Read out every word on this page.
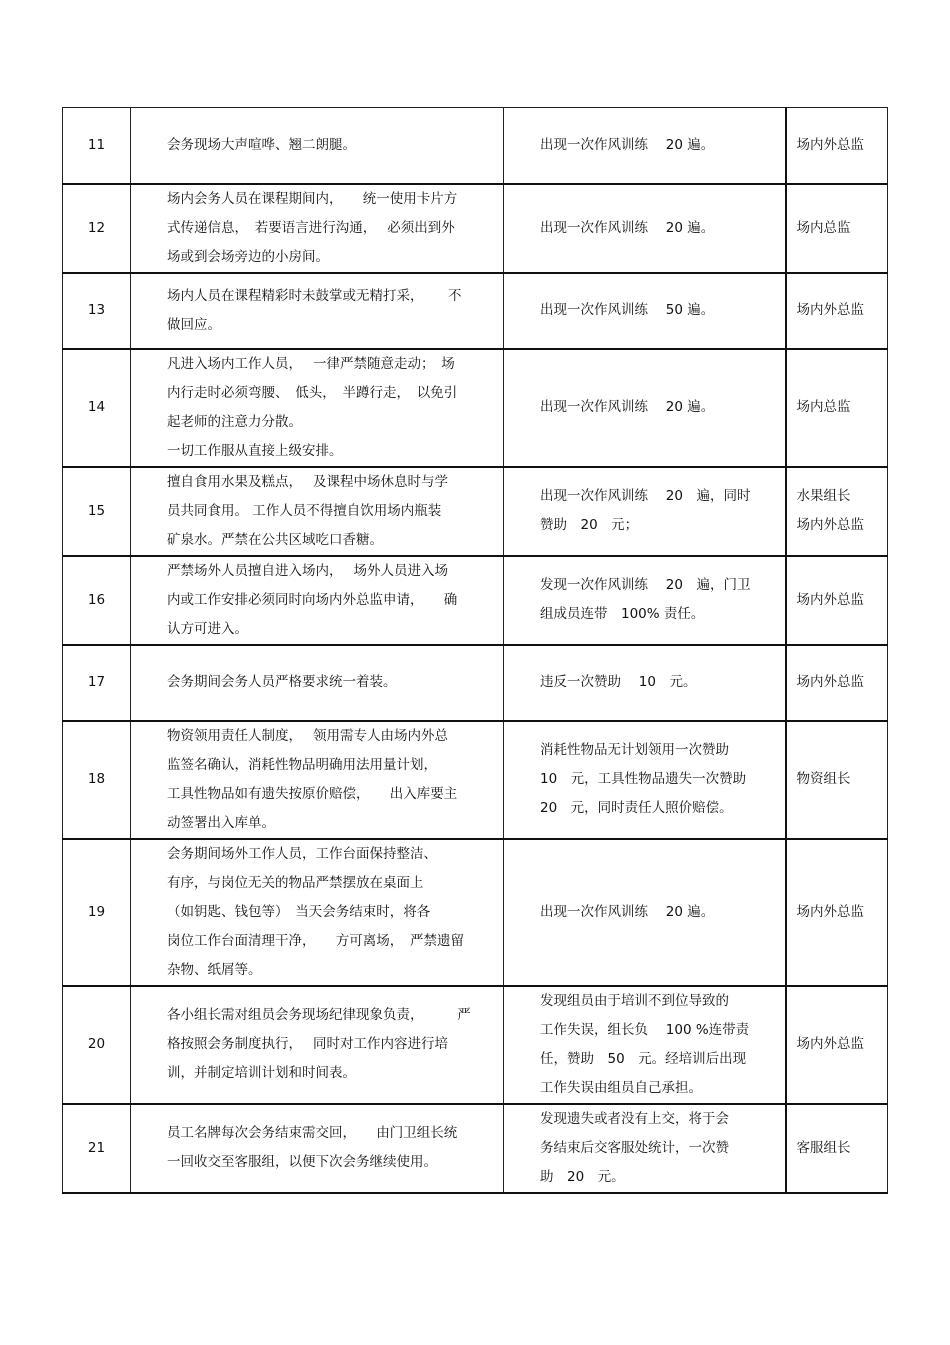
11	会务现场大声喧哗、翘二朗腿。	出现一次作风训练　 20 遍。	场内外总监

12	场内会务人员在课程期间内，　　统一使用卡片方
式传递信息，　若要语言进行沟通，　 必须出到外
场或到会场旁边的小房间。	出现一次作风训练　 20 遍。	场内总监

13	场内人员在课程精彩时未鼓掌或无精打采，　　 不
做回应。	出现一次作风训练　 50 遍。	场内外总监

14	凡进入场内工作人员，　 一律严禁随意走动；　场
内行走时必须弯腰、　低头，　半蹲行走，　以免引
起老师的注意力分散。
一切工作服从直接上级安排。	出现一次作风训练　 20 遍。	场内总监

15	擅自食用水果及糕点，　 及课程中场休息时与学
员共同食用。 工作人员不得擅自饮用场内瓶装
矿泉水。严禁在公共区域吃口香糖。	出现一次作风训练　 20　遍，同时
赞助　20　元；	水果组长
场内外总监

16	严禁场外人员擅自进入场内，　 场外人员进入场
内或工作安排必须同时向场内外总监申请，　　确
认方可进入。	发现一次作风训练　 20　遍，门卫
组成员连带　100% 责任。	场内外总监

17	会务期间会务人员严格要求统一着装。	违反一次赞助　 10　元。	场内外总监

18	物资领用责任人制度，　 领用需专人由场内外总
监签名确认，消耗性物品明确用法用量计划，
工具性物品如有遗失按原价赔偿，　　出入库要主
动签署出入库单。	消耗性物品无计划领用一次赞助
10　元，工具性物品遗失一次赞助
20　元，同时责任人照价赔偿。	物资组长

19	会务期间场外工作人员，工作台面保持整洁、
有序，与岗位无关的物品严禁摆放在桌面上
（如钥匙、钱包等）　当天会务结束时，将各
岗位工作台面清理干净，　　方可离场，　严禁遗留
杂物、纸屑等。	出现一次作风训练　 20 遍。	场内外总监

20	各小组长需对组员会务现场纪律现象负责，　　　严
格按照会务制度执行，　 同时对工作内容进行培
训，并制定培训计划和时间表。	发现组员由于培训不到位导致的
工作失误，组长负　 100 %连带责
任，赞助　50　元。经培训后出现
工作失误由组员自己承担。	场内外总监

21	员工名牌每次会务结束需交回，　　由门卫组长统
一回收交至客服组，以便下次会务继续使用。	发现遗失或者没有上交，将于会
务结束后交客服处统计，一次赞
助　20　元。	客服组长
